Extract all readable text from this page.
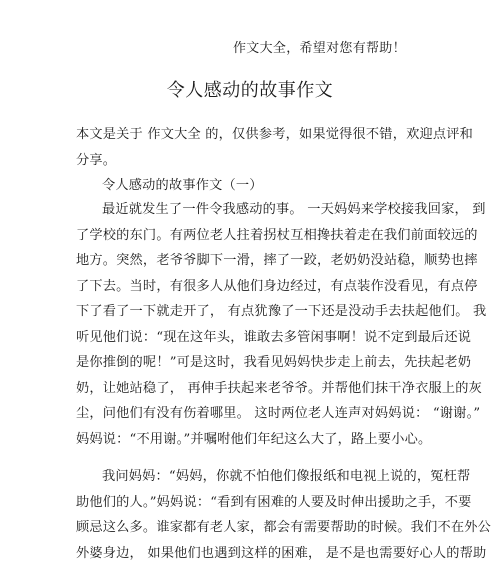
作文大全，希望对您有帮助！
令人感动的故事作文
本文是关于 作文大全 的，仅供参考，如果觉得很不错，欢迎点评和
分享。
令人感动的故事作文（一）
最近就发生了一件令我感动的事。 一天妈妈来学校接我回家， 到
了学校的东门。有两位老人拄着拐杖互相搀扶着走在我们前面较远的
地方。突然，老爷爷脚下一滑，摔了一跤，老奶奶没站稳，顺势也摔
了下去。当时，有很多人从他们身边经过，有点装作没看见，有点停
下了看了一下就走开了， 有点犹豫了一下还是没动手去扶起他们。 我
听见他们说：“现在这年头，谁敢去多管闲事啊！说不定到最后还说
是你推倒的呢！”可是这时，我看见妈妈快步走上前去，先扶起老奶
奶，让她站稳了， 再伸手扶起来老爷爷。并帮他们抹干净衣服上的灰
尘，问他们有没有伤着哪里。 这时两位老人连声对妈妈说： “谢谢。”
妈妈说：“不用谢。”并嘱咐他们年纪这么大了，路上要小心。
我问妈妈：“妈妈，你就不怕他们像报纸和电视上说的，冤枉帮
助他们的人。”妈妈说：“看到有困难的人要及时伸出援助之手，不要
顾忌这么多。谁家都有老人家，都会有需要帮助的时候。我们不在外公
外婆身边， 如果他们也遇到这样的困难， 是不是也需要好心人的帮助
